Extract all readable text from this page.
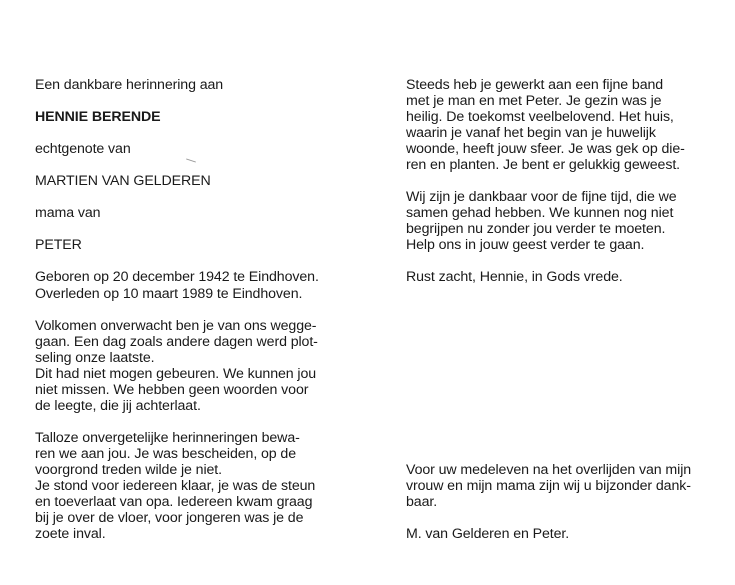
Een dankbare herinnering aan
HENNIE BERENDE
echtgenote van
MARTIEN VAN GELDEREN
mama van
PETER
Geboren op 20 december 1942 te Eindhoven.
Overleden op 10 maart 1989 te Eindhoven.
Volkomen onverwacht ben je van ons wegge-
gaan. Een dag zoals andere dagen werd plot-
seling onze laatste.
Dit had niet mogen gebeuren. We kunnen jou
niet missen. We hebben geen woorden voor
de leegte, die jij achterlaat.
Talloze onvergetelijke herinneringen bewa-
ren we aan jou. Je was bescheiden, op de
voorgrond treden wilde je niet.
Je stond voor iedereen klaar, je was de steun
en toeverlaat van opa. Iedereen kwam graag
bij je over de vloer, voor jongeren was je de
zoete inval.
Steeds heb je gewerkt aan een fijne band
met je man en met Peter. Je gezin was je
heilig. De toekomst veelbelovend. Het huis,
waarin je vanaf het begin van je huwelijk
woonde, heeft jouw sfeer. Je was gek op die-
ren en planten. Je bent er gelukkig geweest.
Wij zijn je dankbaar voor de fijne tijd, die we
samen gehad hebben. We kunnen nog niet
begrijpen nu zonder jou verder te moeten.
Help ons in jouw geest verder te gaan.
Rust zacht, Hennie, in Gods vrede.
Voor uw medeleven na het overlijden van mijn
vrouw en mijn mama zijn wij u bijzonder dank-
baar.
M. van Gelderen en Peter.
